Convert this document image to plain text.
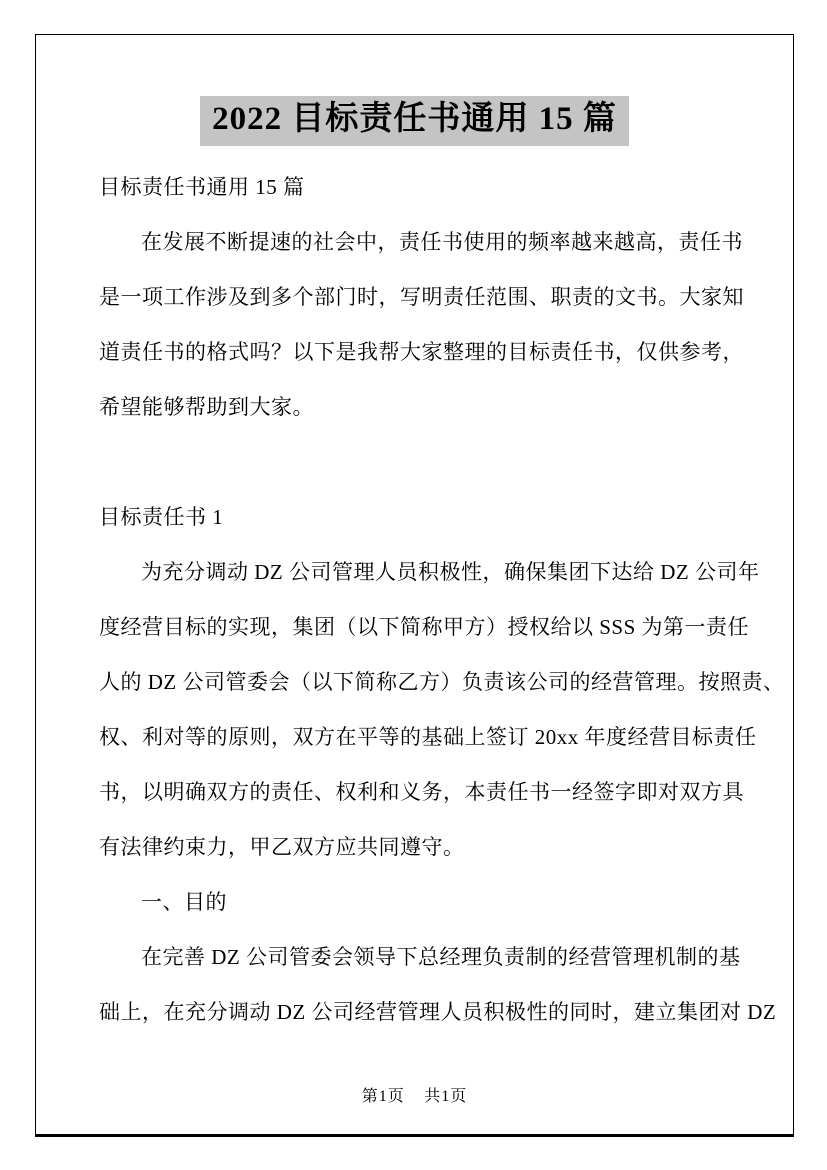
2022 目标责任书通用 15 篇
目标责任书通用 15 篇
在发展不断提速的社会中，责任书使用的频率越来越高，责任书
是一项工作涉及到多个部门时，写明责任范围、职责的文书。大家知
道责任书的格式吗？以下是我帮大家整理的目标责任书，仅供参考，
希望能够帮助到大家。
目标责任书 1
为充分调动 DZ 公司管理人员积极性，确保集团下达给 DZ 公司年
度经营目标的实现，集团（以下简称甲方）授权给以 SSS 为第一责任
人的 DZ 公司管委会（以下简称乙方）负责该公司的经营管理。按照责、
权、利对等的原则，双方在平等的基础上签订 20xx 年度经营目标责任
书，以明确双方的责任、权利和义务，本责任书一经签字即对双方具
有法律约束力，甲乙双方应共同遵守。
一、目的
在完善 DZ 公司管委会领导下总经理负责制的经营管理机制的基
础上，在充分调动 DZ 公司经营管理人员积极性的同时，建立集团对 DZ
第1页 共1页
